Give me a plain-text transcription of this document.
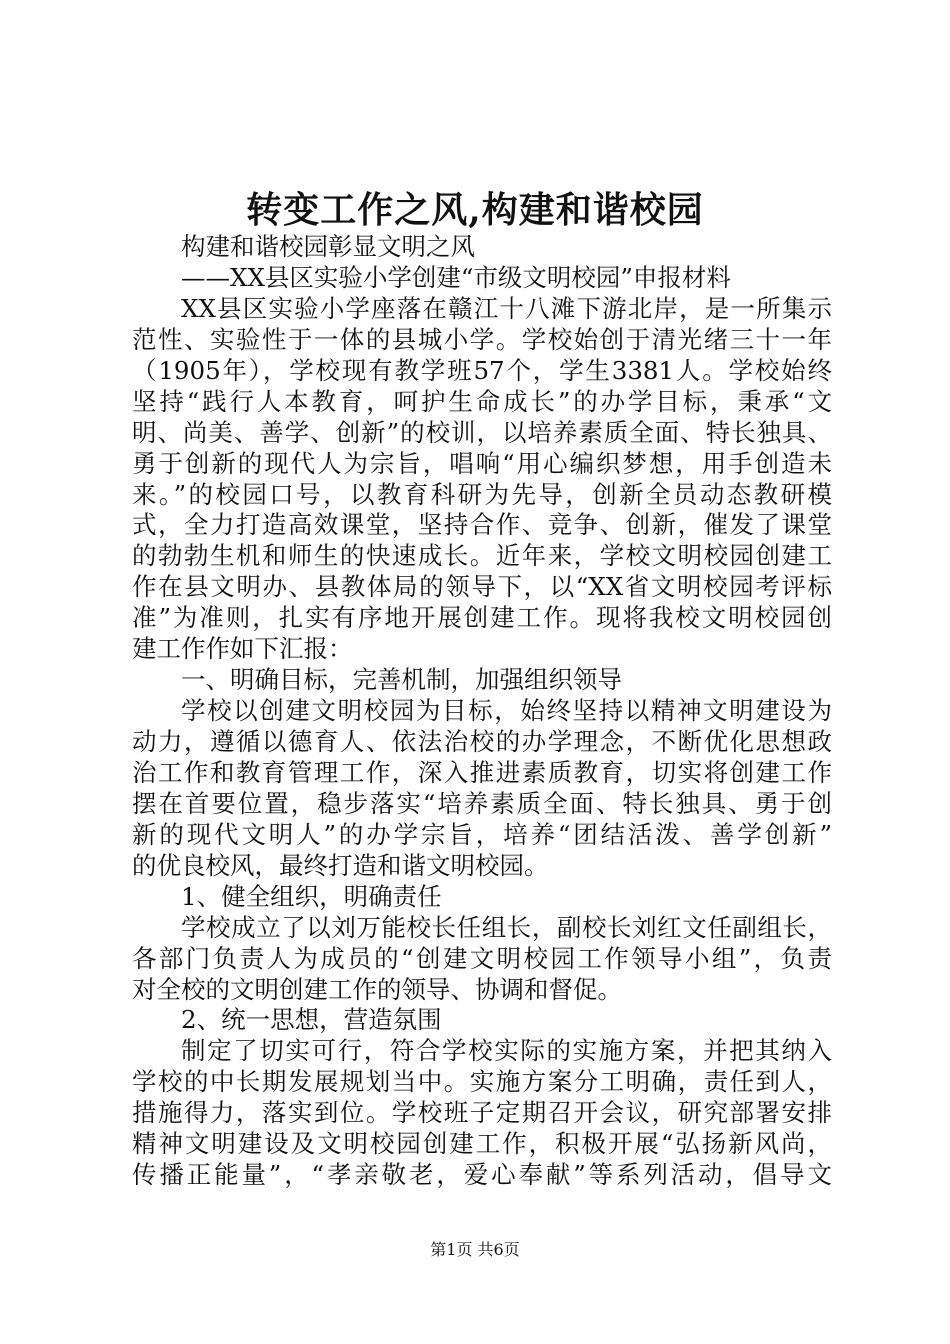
转变工作之风,构建和谐校园
构建和谐校园彰显文明之风
——XX县区实验小学创建“市级文明校园”申报材料
XX县区实验小学座落在赣江十八滩下游北岸，是一所集示
范性、实验性于一体的县城小学。学校始创于清光绪三十一年
（1905年），学校现有教学班57个，学生3381人。学校始终
坚持“践行人本教育，呵护生命成长”的办学目标，秉承“文
明、尚美、善学、创新”的校训，以培养素质全面、特长独具、
勇于创新的现代人为宗旨，唱响“用心编织梦想，用手创造未
来。”的校园口号，以教育科研为先导，创新全员动态教研模
式，全力打造高效课堂，坚持合作、竞争、创新，催发了课堂
的勃勃生机和师生的快速成长。近年来，学校文明校园创建工
作在县文明办、县教体局的领导下，以“XX省文明校园考评标
准”为准则，扎实有序地开展创建工作。现将我校文明校园创
建工作作如下汇报：
一、明确目标，完善机制，加强组织领导
学校以创建文明校园为目标，始终坚持以精神文明建设为
动力，遵循以德育人、依法治校的办学理念，不断优化思想政
治工作和教育管理工作，深入推进素质教育，切实将创建工作
摆在首要位置，稳步落实“培养素质全面、特长独具、勇于创
新的现代文明人”的办学宗旨，培养“团结活泼、善学创新”
的优良校风，最终打造和谐文明校园。
1、健全组织，明确责任
学校成立了以刘万能校长任组长，副校长刘红文任副组长，
各部门负责人为成员的“创建文明校园工作领导小组”，负责
对全校的文明创建工作的领导、协调和督促。
2、统一思想，营造氛围
制定了切实可行，符合学校实际的实施方案，并把其纳入
学校的中长期发展规划当中。实施方案分工明确，责任到人，
措施得力，落实到位。学校班子定期召开会议，研究部署安排
精神文明建设及文明校园创建工作，积极开展“弘扬新风尚，
传播正能量”，“孝亲敬老，爱心奉献”等系列活动，倡导文
第1页 共6页
